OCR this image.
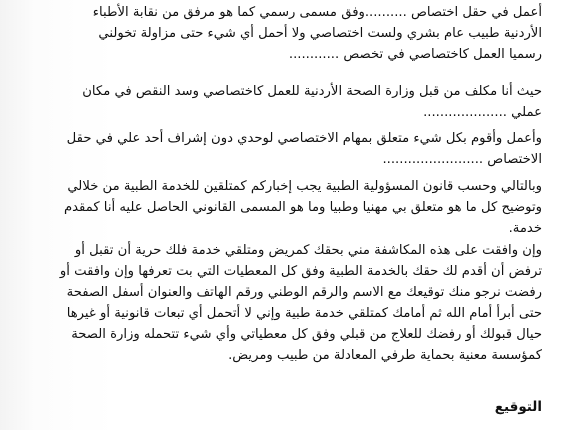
أعمل في حقل اختصاص ..........وفق مسمى رسمي كما هو مرفق من نقابة الأطباء
الأردنية طبيب عام بشري ولست اختصاصي ولا أحمل أي شيء حتى مزاولة تخولني
رسميا العمل كاختصاصي في تخصص ............
حيث أنا مكلف من قبل وزارة الصحة الأردنية للعمل كاختصاصي وسد النقص في مكان
عملي ....................
وأعمل وأقوم بكل شيء متعلق بمهام الاختصاصي لوحدي دون إشراف أحد علي في حقل
الاختصاص ........................
وبالتالي وحسب قانون المسؤولية الطبية يجب إخباركم كمتلقين للخدمة الطبية من خلالي
وتوضيح كل ما هو متعلق بي مهنيا وطبيا وما هو المسمى القانوني الحاصل عليه أنا كمقدم
خدمة.
وإن وافقت على هذه المكاشفة مني بحقك كمريض ومتلقي خدمة فلك حرية أن تقبل أو
ترفض أن أقدم لك حقك بالخدمة الطبية وفق كل المعطيات التي بت تعرفها وإن وافقت أو
رفضت نرجو منك توقيعك مع الاسم والرقم الوطني ورقم الهاتف والعنوان أسفل الصفحة
حتى أبرأ أمام الله ثم أمامك كمتلقي خدمة طبية وإني لا أتحمل أي تبعات قانونية أو غيرها
حيال قبولك أو رفضك للعلاج من قبلي وفق كل معطياتي وأي شيء تتحمله وزارة الصحة
كمؤسسة معنية بحماية طرفي المعادلة من طبيب ومريض.

التوقيع
